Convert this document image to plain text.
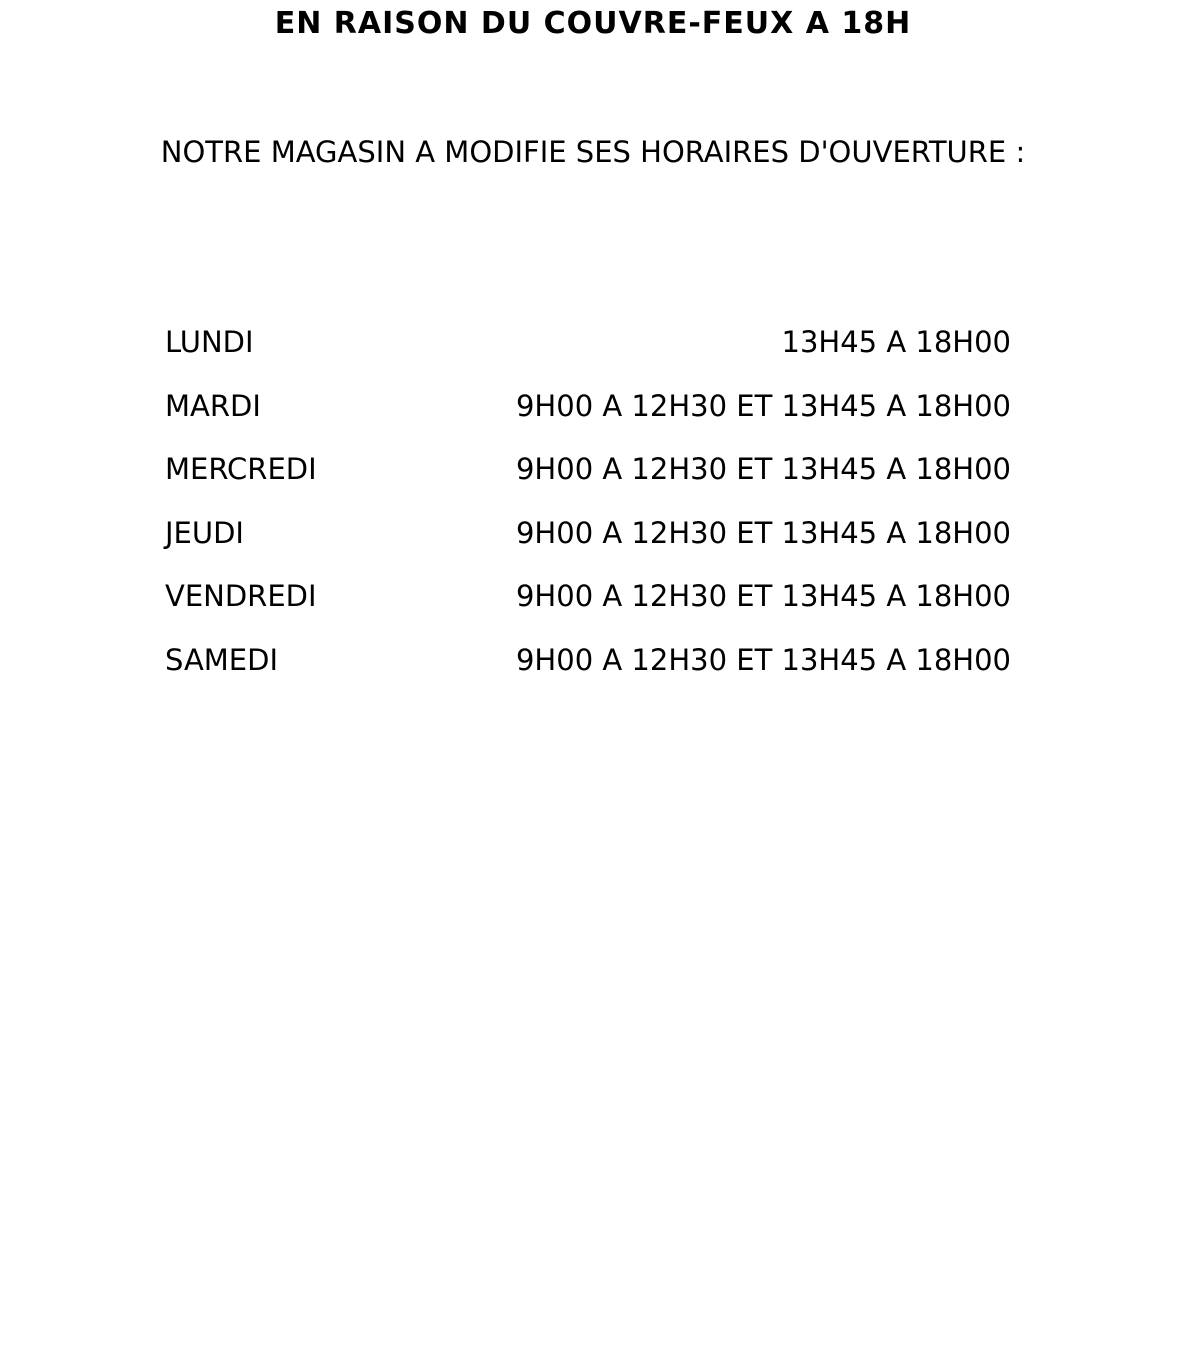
EN RAISON DU COUVRE-FEUX A 18H
NOTRE MAGASIN A MODIFIE SES HORAIRES D'OUVERTURE :
LUNDI	13H45 A 18H00
MARDI	9H00 A 12H30 ET 13H45 A 18H00
MERCREDI	9H00 A 12H30 ET 13H45 A 18H00
JEUDI	9H00 A 12H30 ET 13H45 A 18H00
VENDREDI	9H00 A 12H30 ET 13H45 A 18H00
SAMEDI	9H00 A 12H30 ET 13H45 A 18H00
